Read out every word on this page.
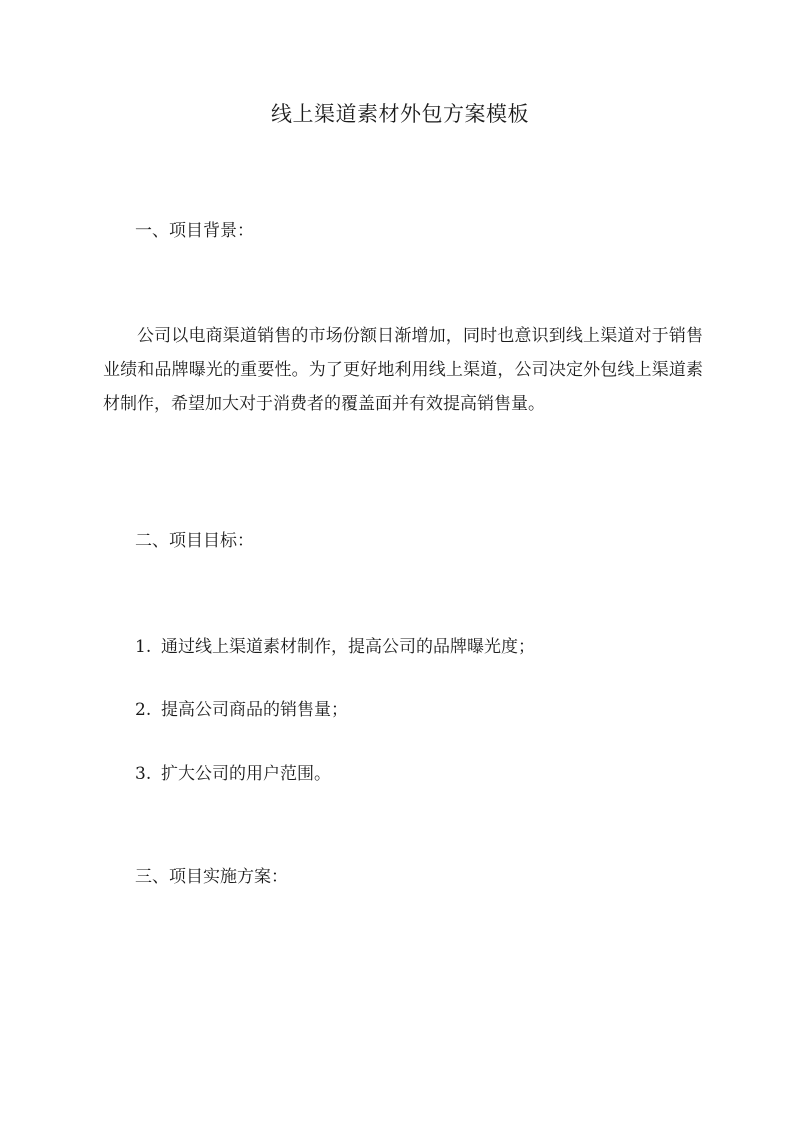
线上渠道素材外包方案模板
一、项目背景：
公司以电商渠道销售的市场份额日渐增加，同时也意识到线上渠道对于销售业绩和品牌曝光的重要性。为了更好地利用线上渠道，公司决定外包线上渠道素材制作，希望加大对于消费者的覆盖面并有效提高销售量。
二、项目目标：
1. 通过线上渠道素材制作，提高公司的品牌曝光度；
2. 提高公司商品的销售量；
3. 扩大公司的用户范围。
三、项目实施方案：
